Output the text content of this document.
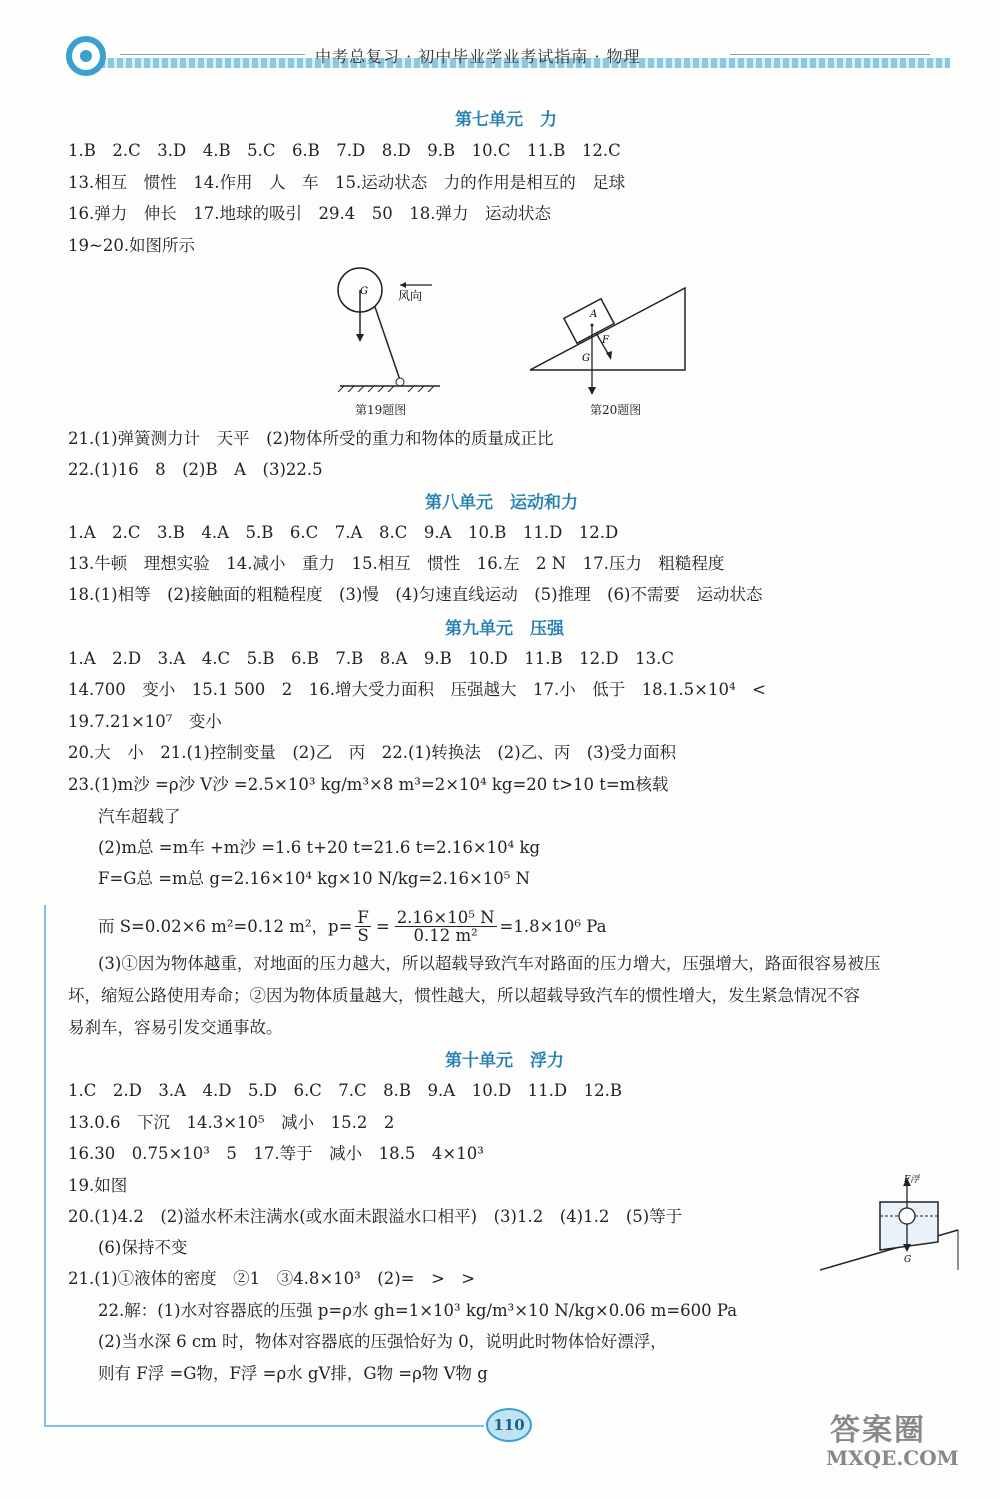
中考总复习 · 初中毕业学业考试指南 · 物理
第七单元　力
1.B　2.C　3.D　4.B　5.C　6.B　7.D　8.D　9.B　10.C　11.B　12.C
13.相互　惯性　14.作用　人　车　15.运动状态　力的作用是相互的　足球
16.弹力　伸长　17.地球的吸引　29.4　50　18.弹力　运动状态
19~20.如图所示
G	风向
第19题图
A
F
G
第20题图
21.(1)弹簧测力计　天平　(2)物体所受的重力和物体的质量成正比
22.(1)16　8　(2)B　A　(3)22.5
第八单元　运动和力
1.A　2.C　3.B　4.A　5.B　6.C　7.A　8.C　9.A　10.B　11.D　12.D
13.牛顿　理想实验　14.减小　重力　15.相互　惯性　16.左　2 N　17.压力　粗糙程度
18.(1)相等　(2)接触面的粗糙程度　(3)慢　(4)匀速直线运动　(5)推理　(6)不需要　运动状态
第九单元　压强
1.A　2.D　3.A　4.C　5.B　6.B　7.B　8.A　9.B　10.D　11.B　12.D　13.C
14.700　变小　15.1 500　2　16.增大受力面积　压强越大　17.小　低于　18.1.5×10⁴　<
19.7.21×10⁷　变小
20.大　小　21.(1)控制变量　(2)乙　丙　22.(1)转换法　(2)乙、丙　(3)受力面积
23.(1)m沙 =ρ沙 V沙 =2.5×10³ kg/m³×8 m³=2×10⁴ kg=20 t>10 t=m核载
汽车超载了
(2)m总 =m车 +m沙 =1.6 t+20 t=21.6 t=2.16×10⁴ kg
F=G总 =m总 g=2.16×10⁴ kg×10 N/kg=2.16×10⁵ N
而 S=0.02×6 m²=0.12 m²，$p= \frac{F}{S} = \frac{\text{2.16×10⁵ N}}{\text{0.12 m²}} =1.8\times 10^6$ Pa
(3)①因为物体越重，对地面的压力越大，所以超载导致汽车对路面的压力增大，压强增大，路面很容易被压
坏，缩短公路使用寿命；②因为物体质量越大，惯性越大，所以超载导致汽车的惯性增大，发生紧急情况不容
易刹车，容易引发交通事故。
第十单元　浮力
1.C　2.D　3.A　4.D　5.D　6.C　7.C　8.B　9.A　10.D　11.D　12.B
13.0.6　下沉　14.3×10⁵　减小　15.2　2
16.30　0.75×10³　5　17.等于　减小　18.5　4×10³
19.如图	F浮
G
20.(1)4.2　(2)溢水杯未注满水(或水面未跟溢水口相平)　(3)1.2　(4)1.2　(5)等于
(6)保持不变
21.(1)①液体的密度　②1　③4.8×10³　(2)=　>　>
22.解：(1)水对容器底的压强 p=ρ水 gh=1×10³ kg/m³×10 N/kg×0.06 m=600 Pa
(2)当水深 6 cm 时，物体对容器底的压强恰好为 0，说明此时物体恰好漂浮，
则有 F浮 =G物，F浮 =ρ水 gV排，G物 =ρ物 V物 g
110	答案圈
MXQE.COM
